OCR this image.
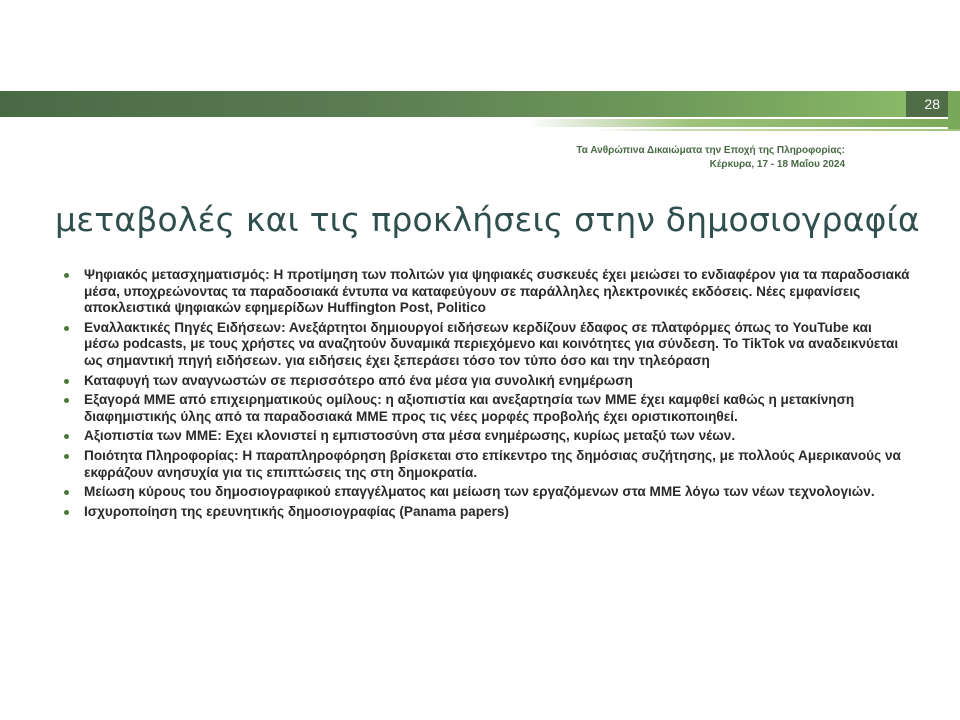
28
Τα Ανθρώπινα Δικαιώματα την Εποχή της Πληροφορίας:
Κέρκυρα, 17 - 18 Μαΐου 2024
μεταβολές και τις προκλήσεις στην δημοσιογραφία
Ψηφιακός μετασχηματισμός: Η προτίμηση των πολιτών για ψηφιακές συσκευές έχει μειώσει το ενδιαφέρον για τα παραδοσιακά μέσα, υποχρεώνοντας τα παραδοσιακά έντυπα να καταφεύγουν σε παράλληλες ηλεκτρονικές εκδόσεις. Νέες εμφανίσεις αποκλειστικά ψηφιακών εφημερίδων Huffington Post, Politico
Εναλλακτικές Πηγές Ειδήσεων: Ανεξάρτητοι δημιουργοί ειδήσεων κερδίζουν έδαφος σε πλατφόρμες όπως το YouTube και μέσω podcasts, με τους χρήστες να αναζητούν δυναμικά περιεχόμενο και κοινότητες για σύνδεση. Το TikTok να αναδεικνύεται ως σημαντική πηγή ειδήσεων. για ειδήσεις έχει ξεπεράσει τόσο τον τύπο όσο και την τηλεόραση
Καταφυγή των αναγνωστών σε περισσότερο από ένα μέσα για συνολική ενημέρωση
Εξαγορά ΜΜΕ από επιχειρηματικούς ομίλους: η αξιοπιστία και ανεξαρτησία των ΜΜΕ έχει καμφθεί καθώς η μετακίνηση διαφημιστικής ύλης από τα παραδοσιακά ΜΜΕ προς τις νέες μορφές προβολής έχει οριστικοποιηθεί.
Αξιοπιστία των ΜΜΕ: Εχει κλονιστεί η εμπιστοσύνη στα μέσα ενημέρωσης, κυρίως μεταξύ των νέων.
Ποιότητα Πληροφορίας: Η παραπληροφόρηση βρίσκεται στο επίκεντρο της δημόσιας συζήτησης, με πολλούς Αμερικανούς να εκφράζουν ανησυχία για τις επιπτώσεις της στη δημοκρατία.
Μείωση κύρους του δημοσιογραφικού επαγγέλματος και μείωση των εργαζόμενων στα ΜΜΕ λόγω των νέων τεχνολογιών.
Ισχυροποίηση της ερευνητικής δημοσιογραφίας (Panama papers)
